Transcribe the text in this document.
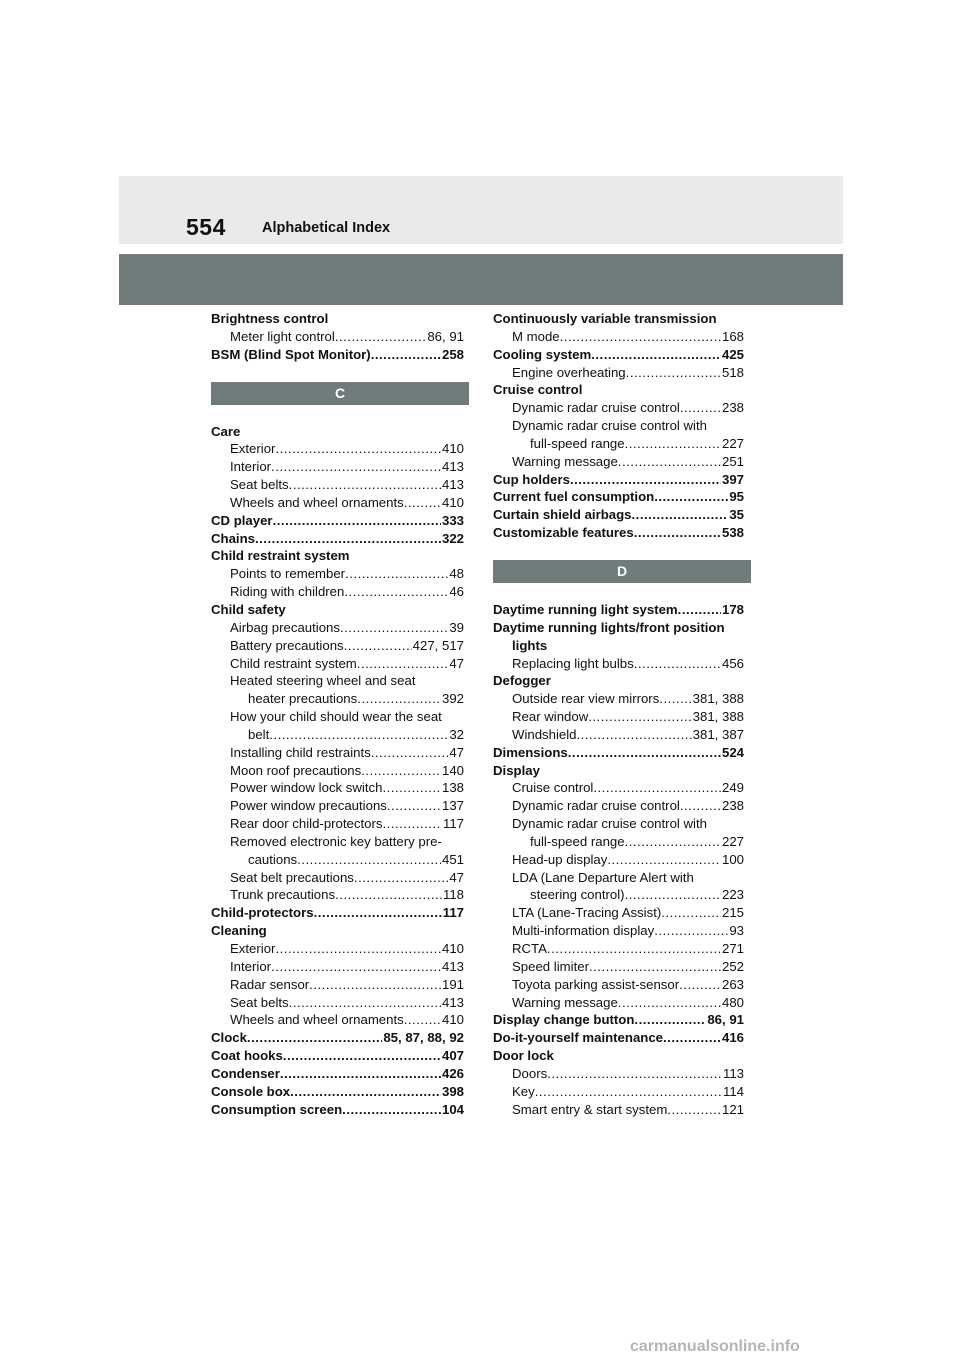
554 Alphabetical Index
Brightness control
Meter light control .....	86, 91
BSM (Blind Spot Monitor) .....	258
C
Care
Exterior .....	410
Interior .....	413
Seat belts .....	413
Wheels and wheel ornaments .....	410
CD player .....	333
Chains .....	322
Child restraint system
Points to remember .....	48
Riding with children .....	46
Child safety
Airbag precautions .....	39
Battery precautions .....	427, 517
Child restraint system .....	47
Heated steering wheel and seat
heater precautions .....	392
How your child should wear the seat
belt .....	32
Installing child restraints .....	47
Moon roof precautions .....	140
Power window lock switch .....	138
Power window precautions .....	137
Rear door child-protectors .....	117
Removed electronic key battery pre-
cautions .....	451
Seat belt precautions .....	47
Trunk precautions .....	118
Child-protectors .....	117
Cleaning
Exterior .....	410
Interior .....	413
Radar sensor .....	191
Seat belts .....	413
Wheels and wheel ornaments .....	410
Clock .....	85, 87, 88, 92
Coat hooks .....	407
Condenser .....	426
Console box .....	398
Consumption screen .....	104
Continuously variable transmission
M mode .....	168
Cooling system .....	425
Engine overheating .....	518
Cruise control
Dynamic radar cruise control .....	238
Dynamic radar cruise control with
full-speed range .....	227
Warning message .....	251
Cup holders .....	397
Current fuel consumption .....	95
Curtain shield airbags .....	35
Customizable features .....	538
D
Daytime running light system .....	178
Daytime running lights/front position
lights
Replacing light bulbs .....	456
Defogger
Outside rear view mirrors .....	381, 388
Rear window .....	381, 388
Windshield .....	381, 387
Dimensions .....	524
Display
Cruise control .....	249
Dynamic radar cruise control .....	238
Dynamic radar cruise control with
full-speed range .....	227
Head-up display .....	100
LDA (Lane Departure Alert with
steering control) .....	223
LTA (Lane-Tracing Assist) .....	215
Multi-information display .....	93
RCTA .....	271
Speed limiter .....	252
Toyota parking assist-sensor .....	263
Warning message .....	480
Display change button .....	86, 91
Do-it-yourself maintenance .....	416
Door lock
Doors .....	113
Key .....	114
Smart entry & start system .....	121
carmanualsonline.info
